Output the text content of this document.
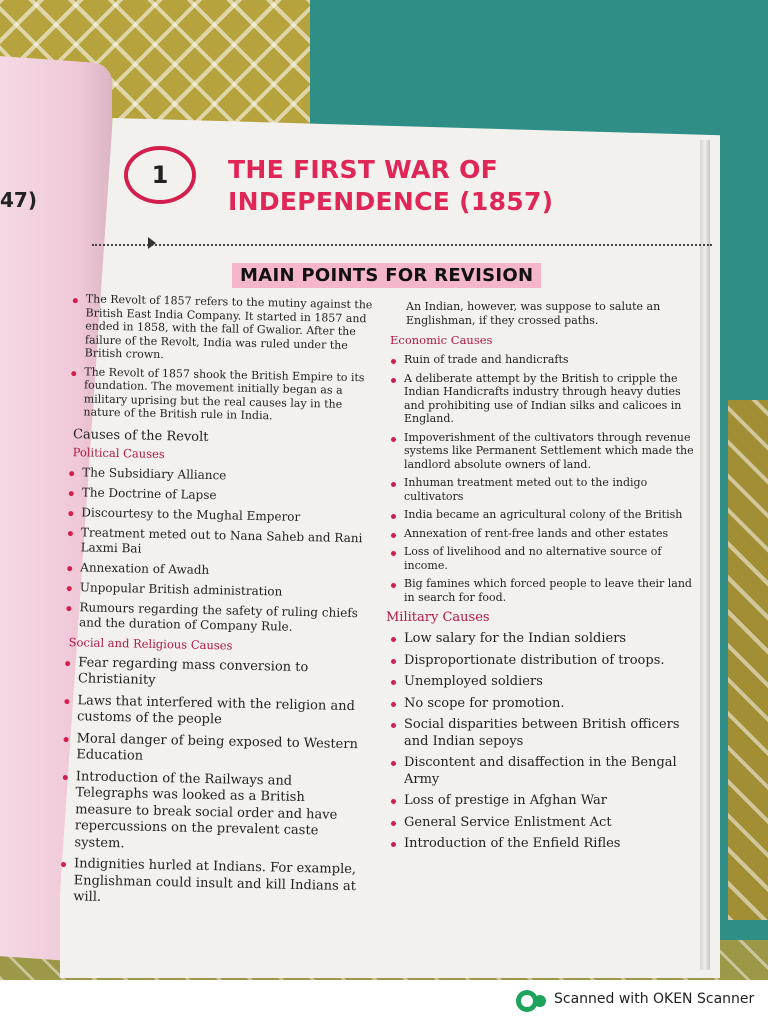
47)
1 THE FIRST WAR OF
INDEPENDENCE (1857)
MAIN POINTS FOR REVISION
The Revolt of 1857 refers to the mutiny against the British East India Company. It started in 1857 and ended in 1858, with the fall of Gwalior. After the failure of the Revolt, India was ruled under the British crown.
The Revolt of 1857 shook the British Empire to its foundation. The movement initially began as a military uprising but the real causes lay in the nature of the British rule in India.
Causes of the Revolt
Political Causes
The Subsidiary Alliance
The Doctrine of Lapse
Discourtesy to the Mughal Emperor
Treatment meted out to Nana Saheb and Rani Laxmi Bai
Annexation of Awadh
Unpopular British administration
Rumours regarding the safety of ruling chiefs and the duration of Company Rule.
Social and Religious Causes
Fear regarding mass conversion to Christianity
Laws that interfered with the religion and customs of the people
Moral danger of being exposed to Western Education
Introduction of the Railways and Telegraphs was looked as a British measure to break social order and have repercussions on the prevalent caste system.
Indignities hurled at Indians. For example, Englishman could insult and kill Indians at will.
An Indian, however, was suppose to salute an Englishman, if they crossed paths.
Economic Causes
Ruin of trade and handicrafts
A deliberate attempt by the British to cripple the Indian Handicrafts industry through heavy duties and prohibiting use of Indian silks and calicoes in England.
Impoverishment of the cultivators through revenue systems like Permanent Settlement which made the landlord absolute owners of land.
Inhuman treatment meted out to the indigo cultivators
India became an agricultural colony of the British
Annexation of rent-free lands and other estates
Loss of livelihood and no alternative source of income.
Big famines which forced people to leave their land in search for food.
Military Causes
Low salary for the Indian soldiers
Disproportionate distribution of troops.
Unemployed soldiers
No scope for promotion.
Social disparities between British officers and Indian sepoys
Discontent and disaffection in the Bengal Army
Loss of prestige in Afghan War
General Service Enlistment Act
Introduction of the Enfield Rifles
Scanned with OKEN Scanner
